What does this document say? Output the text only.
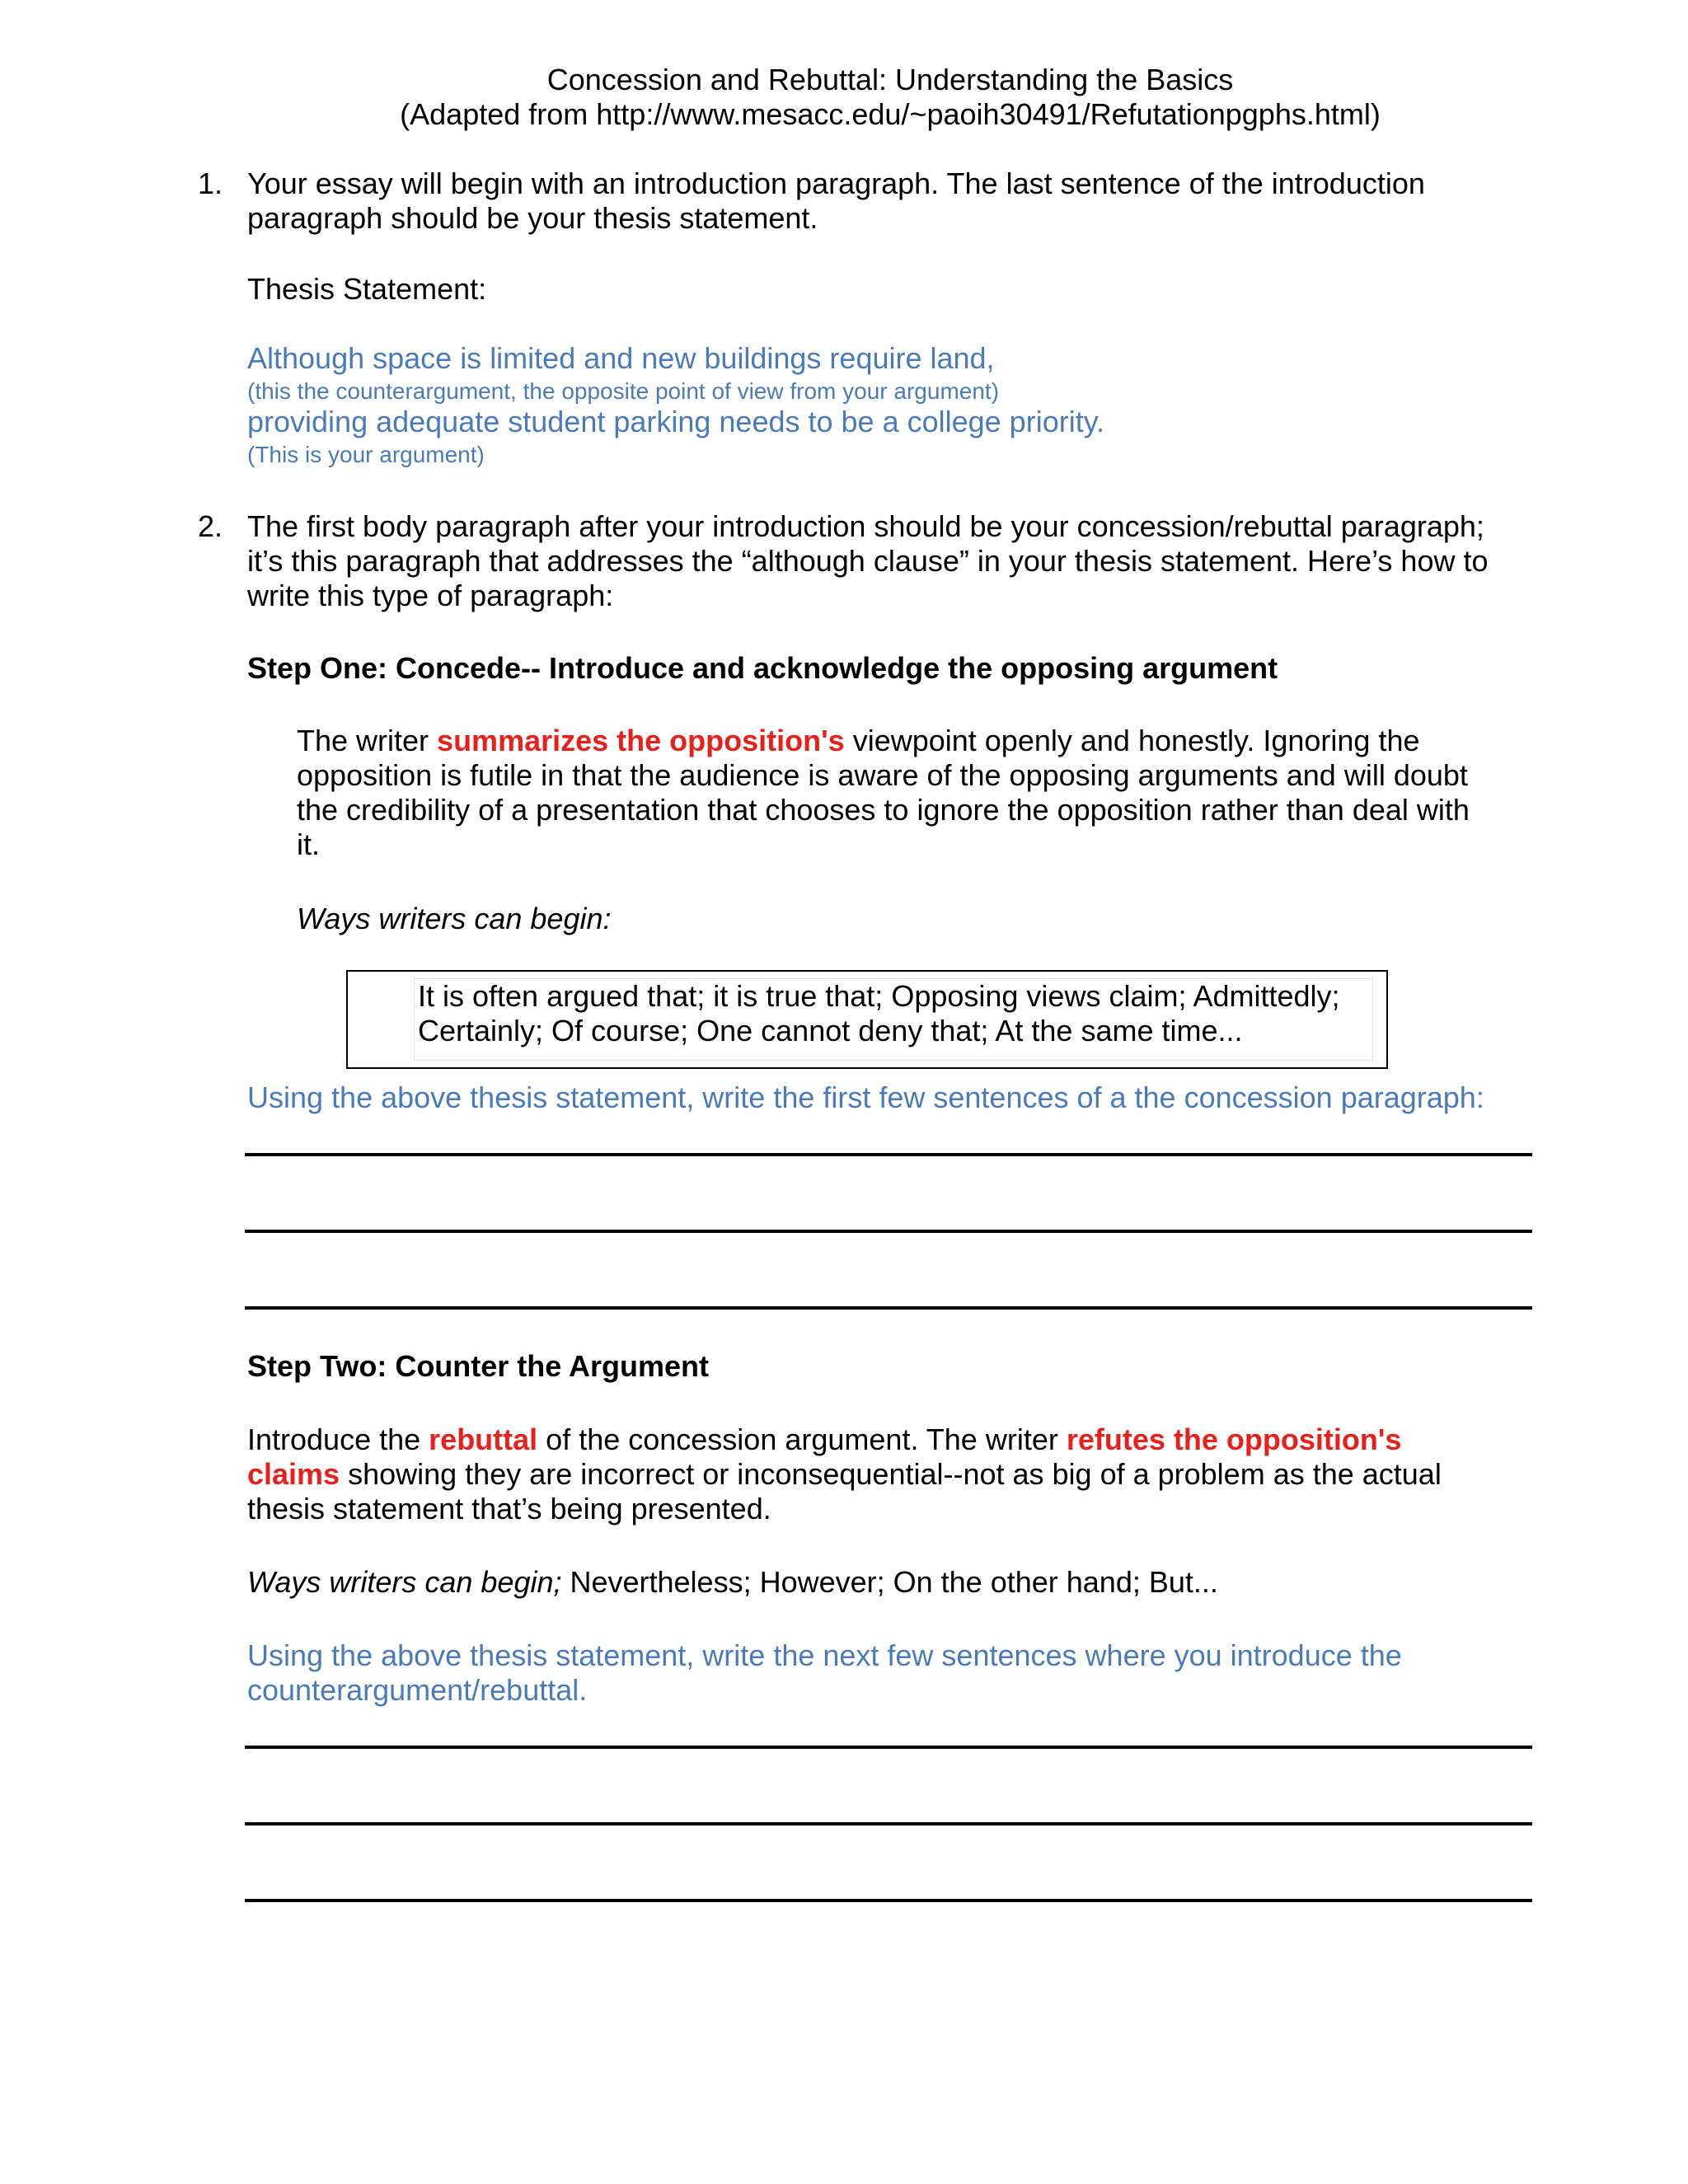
Concession and Rebuttal: Understanding the Basics

(Adapted from http://www.mesacc.edu/~paoih30491/Refutationpgphs.html)

1. Your essay will begin with an introduction paragraph. The last sentence of the introduction

paragraph should be your thesis statement.

Thesis Statement:

Although space is limited and new buildings require land,

(this the counterargument, the opposite point of view from your argument)

providing adequate student parking needs to be a college priority.

(This is your argument)

2. The first body paragraph after your introduction should be your concession/rebuttal paragraph;

it’s this paragraph that addresses the “although clause” in your thesis statement. Here’s how to

write this type of paragraph:

Step One: Concede-- Introduce and acknowledge the opposing argument

The writer summarizes the opposition's viewpoint openly and honestly. Ignoring the

opposition is futile in that the audience is aware of the opposing arguments and will doubt

the credibility of a presentation that chooses to ignore the opposition rather than deal with

it.

Ways writers can begin:

It is often argued that; it is true that; Opposing views claim; Admittedly;

Certainly; Of course; One cannot deny that; At the same time...

Using the above thesis statement, write the first few sentences of a the concession paragraph:

Step Two: Counter the Argument

Introduce the rebuttal of the concession argument. The writer refutes the opposition's

claims showing they are incorrect or inconsequential--not as big of a problem as the actual

thesis statement that’s being presented.

Ways writers can begin; Nevertheless; However; On the other hand; But...

Using the above thesis statement, write the next few sentences where you introduce the

counterargument/rebuttal.
